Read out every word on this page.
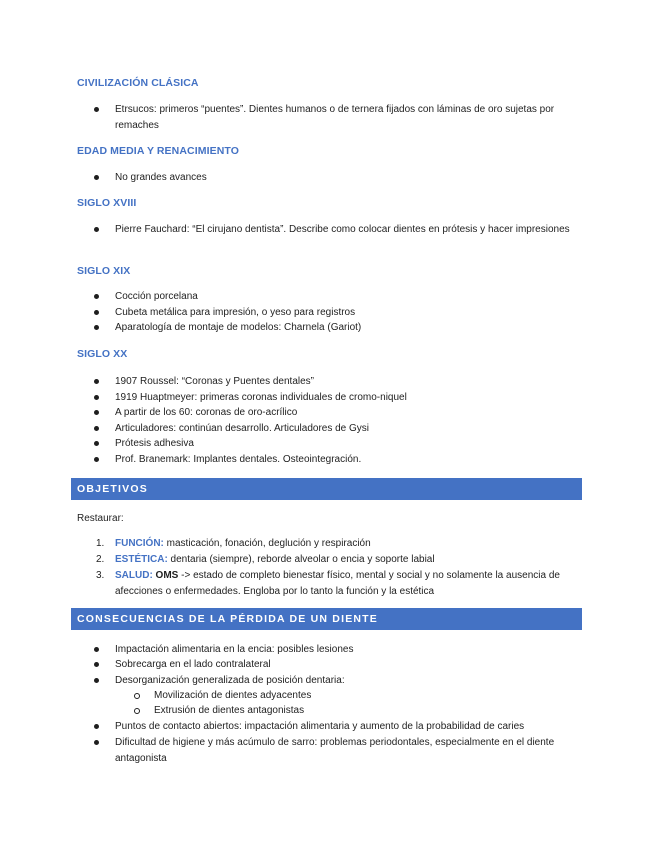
CIVILIZACIÓN CLÁSICA
Etrsucos: primeros “puentes”. Dientes humanos o de ternera fijados con láminas de oro sujetas por remaches
EDAD MEDIA Y RENACIMIENTO
No grandes avances
SIGLO XVIII
Pierre Fauchard: “El cirujano dentista”. Describe como colocar dientes en prótesis y hacer impresiones
SIGLO XIX
Cocción porcelana
Cubeta metálica para impresión, o yeso para registros
Aparatología de montaje de modelos: Charnela (Gariot)
SIGLO XX
1907 Roussel: “Coronas y Puentes dentales”
1919 Huaptmeyer: primeras coronas individuales de cromo-niquel
A partir de los 60: coronas de oro-acrílico
Articuladores: continúan desarrollo. Articuladores de Gysi
Prótesis adhesiva
Prof. Branemark: Implantes dentales. Osteointegración.
OBJETIVOS
Restaurar:
1. FUNCIÓN: masticación, fonación, deglución y respiración
2. ESTÉTICA: dentaria (siempre), reborde alveolar o encia y soporte labial
3. SALUD: OMS -> estado de completo bienestar físico, mental y social y no solamente la ausencia de afecciones o enfermedades. Engloba por lo tanto la función y la estética
CONSECUENCIAS DE LA PÉRDIDA DE UN DIENTE
Impactación alimentaria en la encia: posibles lesiones
Sobrecarga en el lado contralateral
Desorganización generalizada de posición dentaria:
Movilización de dientes adyacentes
Extrusión de dientes antagonistas
Puntos de contacto abiertos: impactación alimentaria y aumento de la probabilidad de caries
Dificultad de higiene y más acúmulo de sarro: problemas periodontales, especialmente en el diente antagonista
